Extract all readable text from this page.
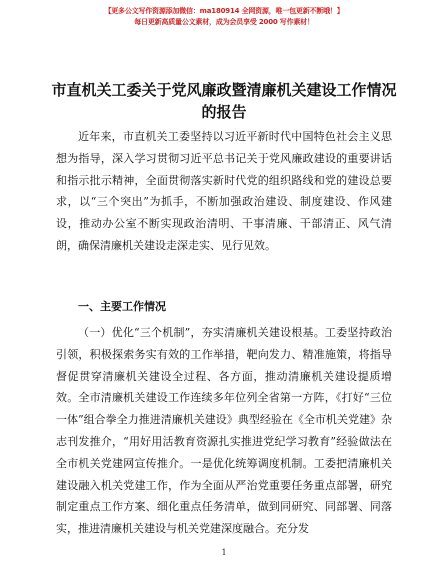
【更多公文写作资源添加微信：ma180914 全网资源，唯一包更新不断哦！】
每日更新高质量公文素材，成为会员享受 2000 写作素材！
市直机关工委关于党风廉政暨清廉机关建设工作情况的报告

近年来，市直机关工委坚持以习近平新时代中国特色社会主义思想为指导，深入学习贯彻习近平总书记关于党风廉政建设的重要讲话和指示批示精神，全面贯彻落实新时代党的组织路线和党的建设总要求，以“三个突出”为抓手，不断加强政治建设、制度建设、作风建设，推动办公室不断实现政治清明、干事清廉、干部清正、风气清朗，确保清廉机关建设走深走实、见行见效。

一、主要工作情况

（一）优化“三个机制”，夯实清廉机关建设根基。工委坚持政治引领，积极探索务实有效的工作举措，靶向发力、精准施策，将指导督促贯穿清廉机关建设全过程、各方面，推动清廉机关建设提质增效。全市清廉机关建设工作连续多年位列全省第一方阵，《打好“三位一体”组合拳全力推进清廉机关建设》典型经验在《全市机关党建》杂志刊发推介，“用好用活教育资源扎实推进党纪学习教育”经验做法在全市机关党建网宣传推介。一是优化统筹调度机制。工委把清廉机关建设融入机关党建工作，作为全面从严治党重要任务重点部署，研究制定重点工作方案、细化重点任务清单，做到同研究、同部署、同落实，推进清廉机关建设与机关党建深度融合。充分发

1
